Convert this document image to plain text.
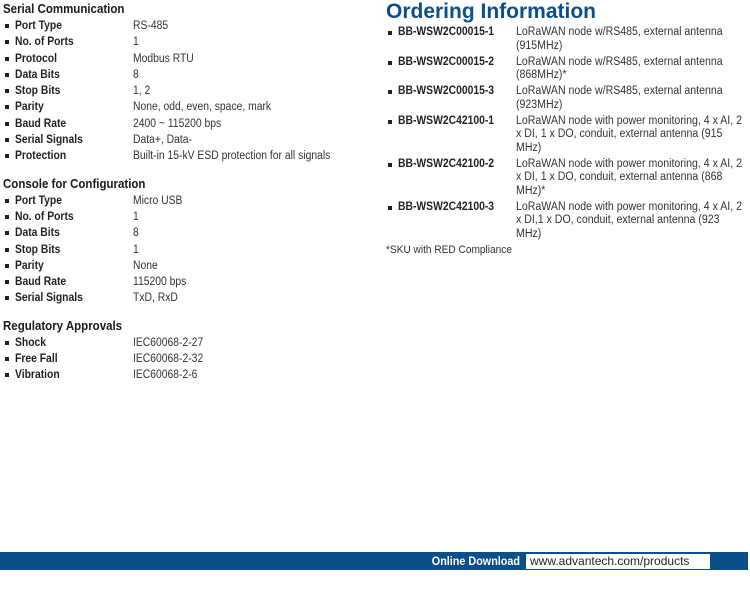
Serial Communication
Port Type	RS-485
No. of Ports	1
Protocol	Modbus RTU
Data Bits	8
Stop Bits	1, 2
Parity	None, odd, even, space, mark
Baud Rate	2400 ~ 115200 bps
Serial Signals	Data+, Data-
Protection	Built-in 15-kV ESD protection for all signals
Console for Configuration
Port Type	Micro USB
No. of Ports	1
Data Bits	8
Stop Bits	1
Parity	None
Baud Rate	115200 bps
Serial Signals	TxD, RxD
Regulatory Approvals
Shock	IEC60068-2-27
Free Fall	IEC60068-2-32
Vibration	IEC60068-2-6
Ordering Information
BB-WSW2C00015-1 LoRaWAN node w/RS485, external antenna (915MHz)
BB-WSW2C00015-2 LoRaWAN node w/RS485, external antenna (868MHz)*
BB-WSW2C00015-3 LoRaWAN node w/RS485, external antenna (923MHz)
BB-WSW2C42100-1 LoRaWAN node with power monitoring, 4 x AI, 2 x DI, 1 x DO, conduit, external antenna (915 MHz)
BB-WSW2C42100-2 LoRaWAN node with power monitoring, 4 x AI, 2 x DI, 1 x DO, conduit, external antenna (868 MHz)*
BB-WSW2C42100-3 LoRaWAN node with power monitoring, 4 x AI, 2 x DI,1 x DO, conduit, external antenna (923 MHz)
*SKU with RED Compliance
Online Download www.advantech.com/products
